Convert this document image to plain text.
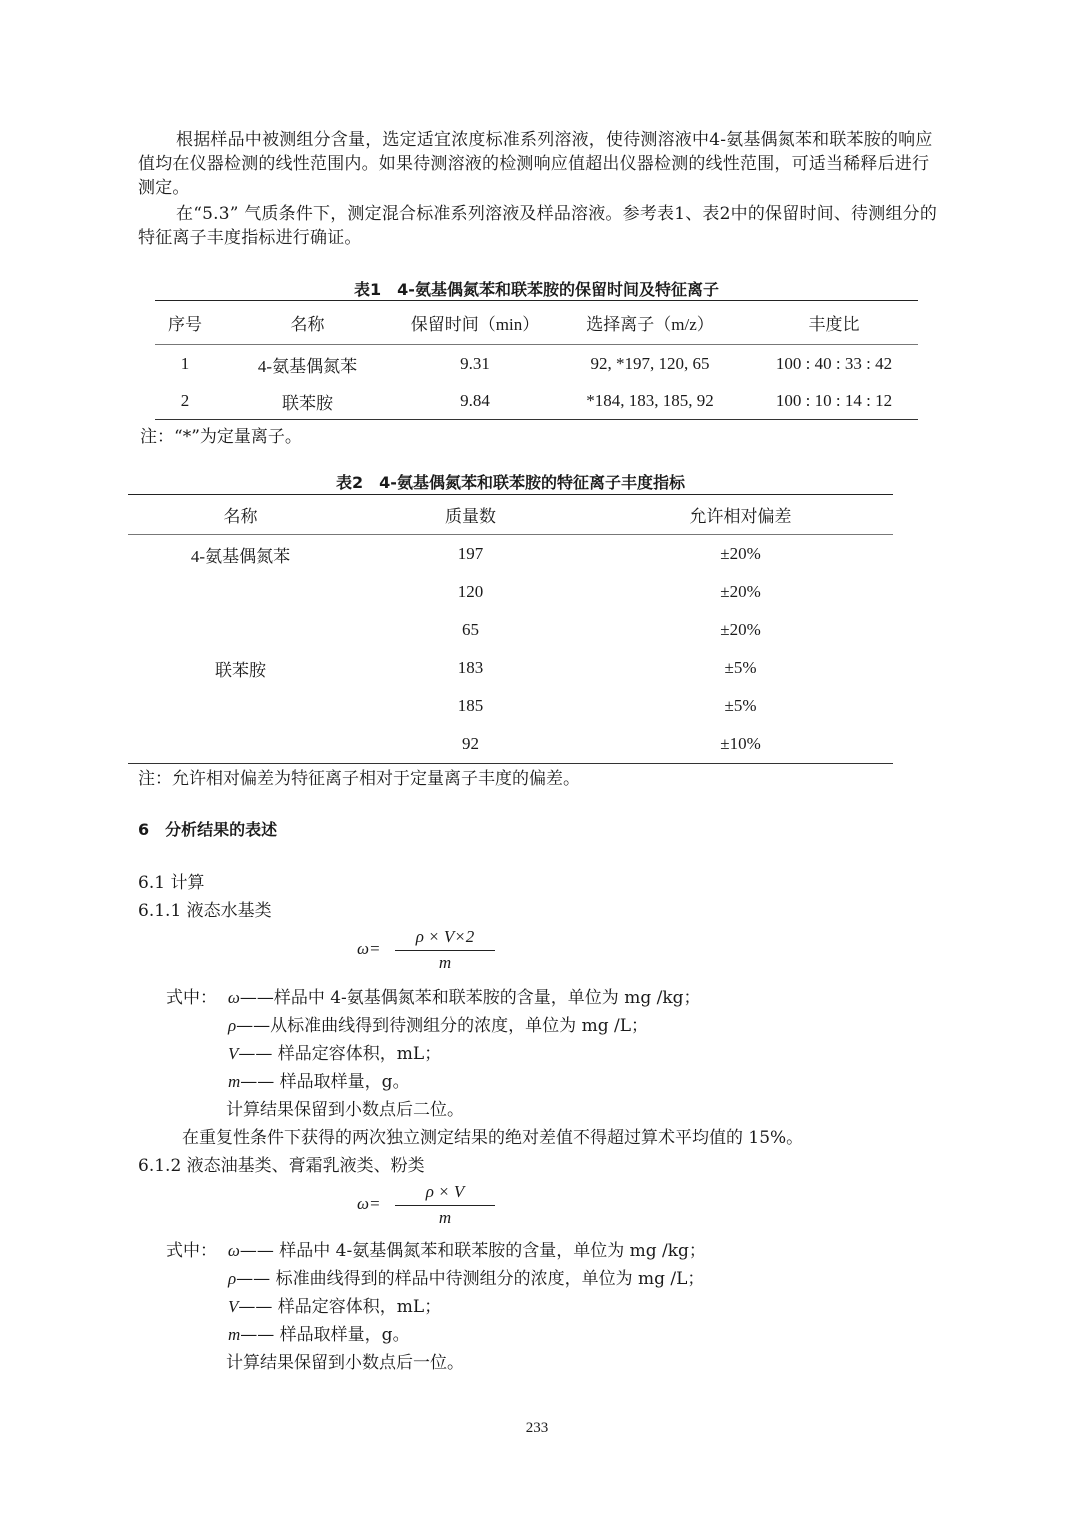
根据样品中被测组分含量，选定适宜浓度标准系列溶液，使待测溶液中4-氨基偶氮苯和联苯胺的响应值均在仪器检测的线性范围内。如果待测溶液的检测响应值超出仪器检测的线性范围，可适当稀释后进行测定。
在“5.3” 气质条件下，测定混合标准系列溶液及样品溶液。参考表1、表2中的保留时间、待测组分的特征离子丰度指标进行确证。
表1　4-氨基偶氮苯和联苯胺的保留时间及特征离子
序号	名称	保留时间（min）	选择离子（m/z）	丰度比
1	4-氨基偶氮苯	9.31	92, *197, 120, 65	100 : 40 : 33 : 42
2	联苯胺	9.84	*184, 183, 185, 92	100 : 10 : 14 : 12
注：“*”为定量离子。
表2　4-氨基偶氮苯和联苯胺的特征离子丰度指标
名称	质量数	允许相对偏差
4-氨基偶氮苯	197	±20%
	120	±20%
	65	±20%
联苯胺	183	±5%
	185	±5%
	92	±10%
注：允许相对偏差为特征离子相对于定量离子丰度的偏差。
6　分析结果的表述
6.1 计算
6.1.1 液态水基类
ω=
ρ × V×2
m
式中： ω——样品中 4-氨基偶氮苯和联苯胺的含量，单位为 mg /kg；
ρ——从标准曲线得到待测组分的浓度，单位为 mg /L；
V—— 样品定容体积，mL；
m—— 样品取样量，g。
计算结果保留到小数点后二位。
在重复性条件下获得的两次独立测定结果的绝对差值不得超过算术平均值的 15%。
6.1.2 液态油基类、膏霜乳液类、粉类
ω=
ρ × V
m
式中： ω—— 样品中 4-氨基偶氮苯和联苯胺的含量，单位为 mg /kg；
ρ—— 标准曲线得到的样品中待测组分的浓度，单位为 mg /L；
V—— 样品定容体积，mL；
m—— 样品取样量，g。
计算结果保留到小数点后一位。
233
